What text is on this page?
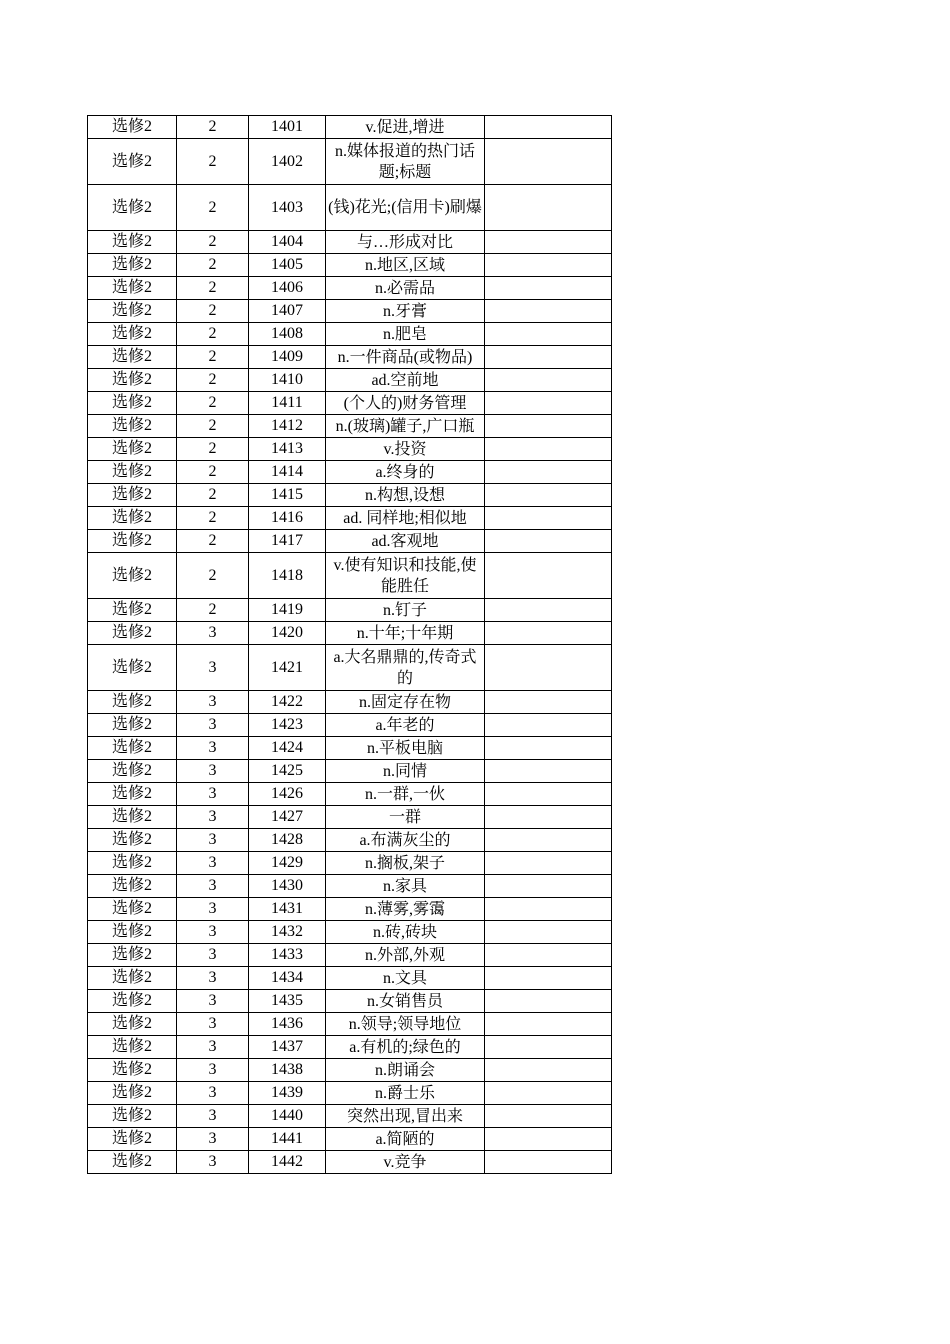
选修2	2	1401	v.促进,增进	
选修2	2	1402	n.媒体报道的热门话题;标题	
选修2	2	1403	(钱)花光;(信用卡)刷爆	
选修2	2	1404	与…形成对比	
选修2	2	1405	n.地区,区域	
选修2	2	1406	n.必需品	
选修2	2	1407	n.牙膏	
选修2	2	1408	n.肥皂	
选修2	2	1409	n.一件商品(或物品)	
选修2	2	1410	ad.空前地	
选修2	2	1411	(个人的)财务管理	
选修2	2	1412	n.(玻璃)罐子,广口瓶	
选修2	2	1413	v.投资	
选修2	2	1414	a.终身的	
选修2	2	1415	n.构想,设想	
选修2	2	1416	ad. 同样地;相似地	
选修2	2	1417	ad.客观地	
选修2	2	1418	v.使有知识和技能,使能胜任	
选修2	2	1419	n.钉子	
选修2	3	1420	n.十年;十年期	
选修2	3	1421	a.大名鼎鼎的,传奇式的	
选修2	3	1422	n.固定存在物	
选修2	3	1423	a.年老的	
选修2	3	1424	n.平板电脑	
选修2	3	1425	n.同情	
选修2	3	1426	n.一群,一伙	
选修2	3	1427	一群	
选修2	3	1428	a.布满灰尘的	
选修2	3	1429	n.搁板,架子	
选修2	3	1430	n.家具	
选修2	3	1431	n.薄雾,雾霭	
选修2	3	1432	n.砖,砖块	
选修2	3	1433	n.外部,外观	
选修2	3	1434	n.文具	
选修2	3	1435	n.女销售员	
选修2	3	1436	n.领导;领导地位	
选修2	3	1437	a.有机的;绿色的	
选修2	3	1438	n.朗诵会	
选修2	3	1439	n.爵士乐	
选修2	3	1440	突然出现,冒出来	
选修2	3	1441	a.简陋的	
选修2	3	1442	v.竞争	
